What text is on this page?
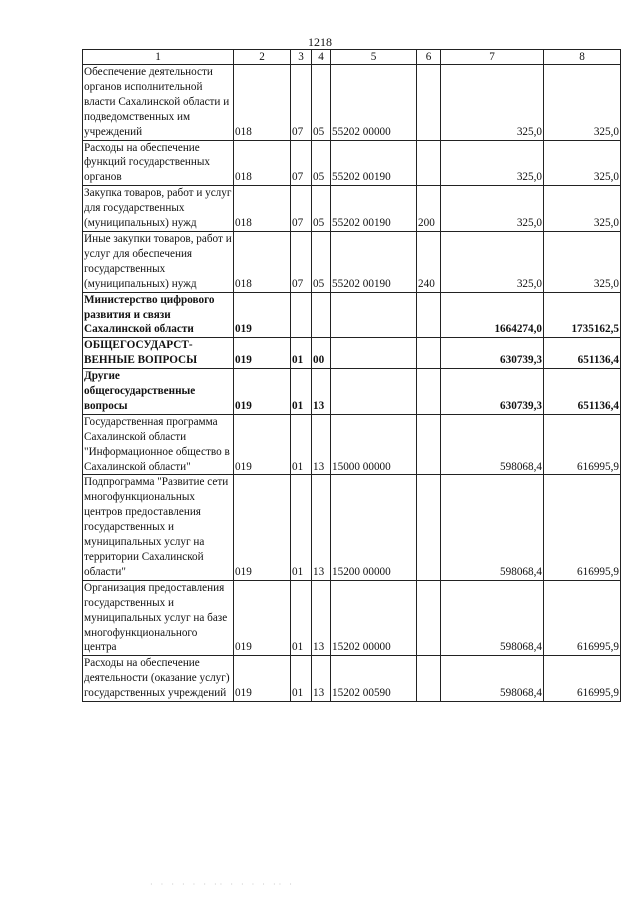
1218
1	2	3	4	5	6	7	8
Обеспечение деятельности органов исполнительной власти Сахалинской области и подведомственных им учреждений	018	07	05	55202 00000		325,0	325,0
Расходы на обеспечение функций государственных органов	018	07	05	55202 00190		325,0	325,0
Закупка товаров, работ и услуг для государственных (муниципальных) нужд	018	07	05	55202 00190	200	325,0	325,0
Иные закупки товаров, работ и услуг для обеспечения государственных (муниципальных) нужд	018	07	05	55202 00190	240	325,0	325,0
Министерство цифрового развития и связи Сахалинской области	019					1664274,0	1735162,5
ОБЩЕГОСУДАРСТ-ВЕННЫЕ ВОПРОСЫ	019	01	00			630739,3	651136,4
Другие общегосударственные вопросы	019	01	13			630739,3	651136,4
Государственная программа Сахалинской области "Информационное общество в Сахалинской области"	019	01	13	15000 00000		598068,4	616995,9
Подпрограмма "Развитие сети многофункциональных центров предоставления государственных и муниципальных услуг на территории Сахалинской области"	019	01	13	15200 00000		598068,4	616995,9
Организация предоставления государственных и муниципальных услуг на базе многофункционального центра	019	01	13	15202 00000		598068,4	616995,9
Расходы на обеспечение деятельности (оказание услуг) государственных учреждений	019	01	13	15202 00590		598068,4	616995,9
· · · · · · ·· · · · · ·· ·
